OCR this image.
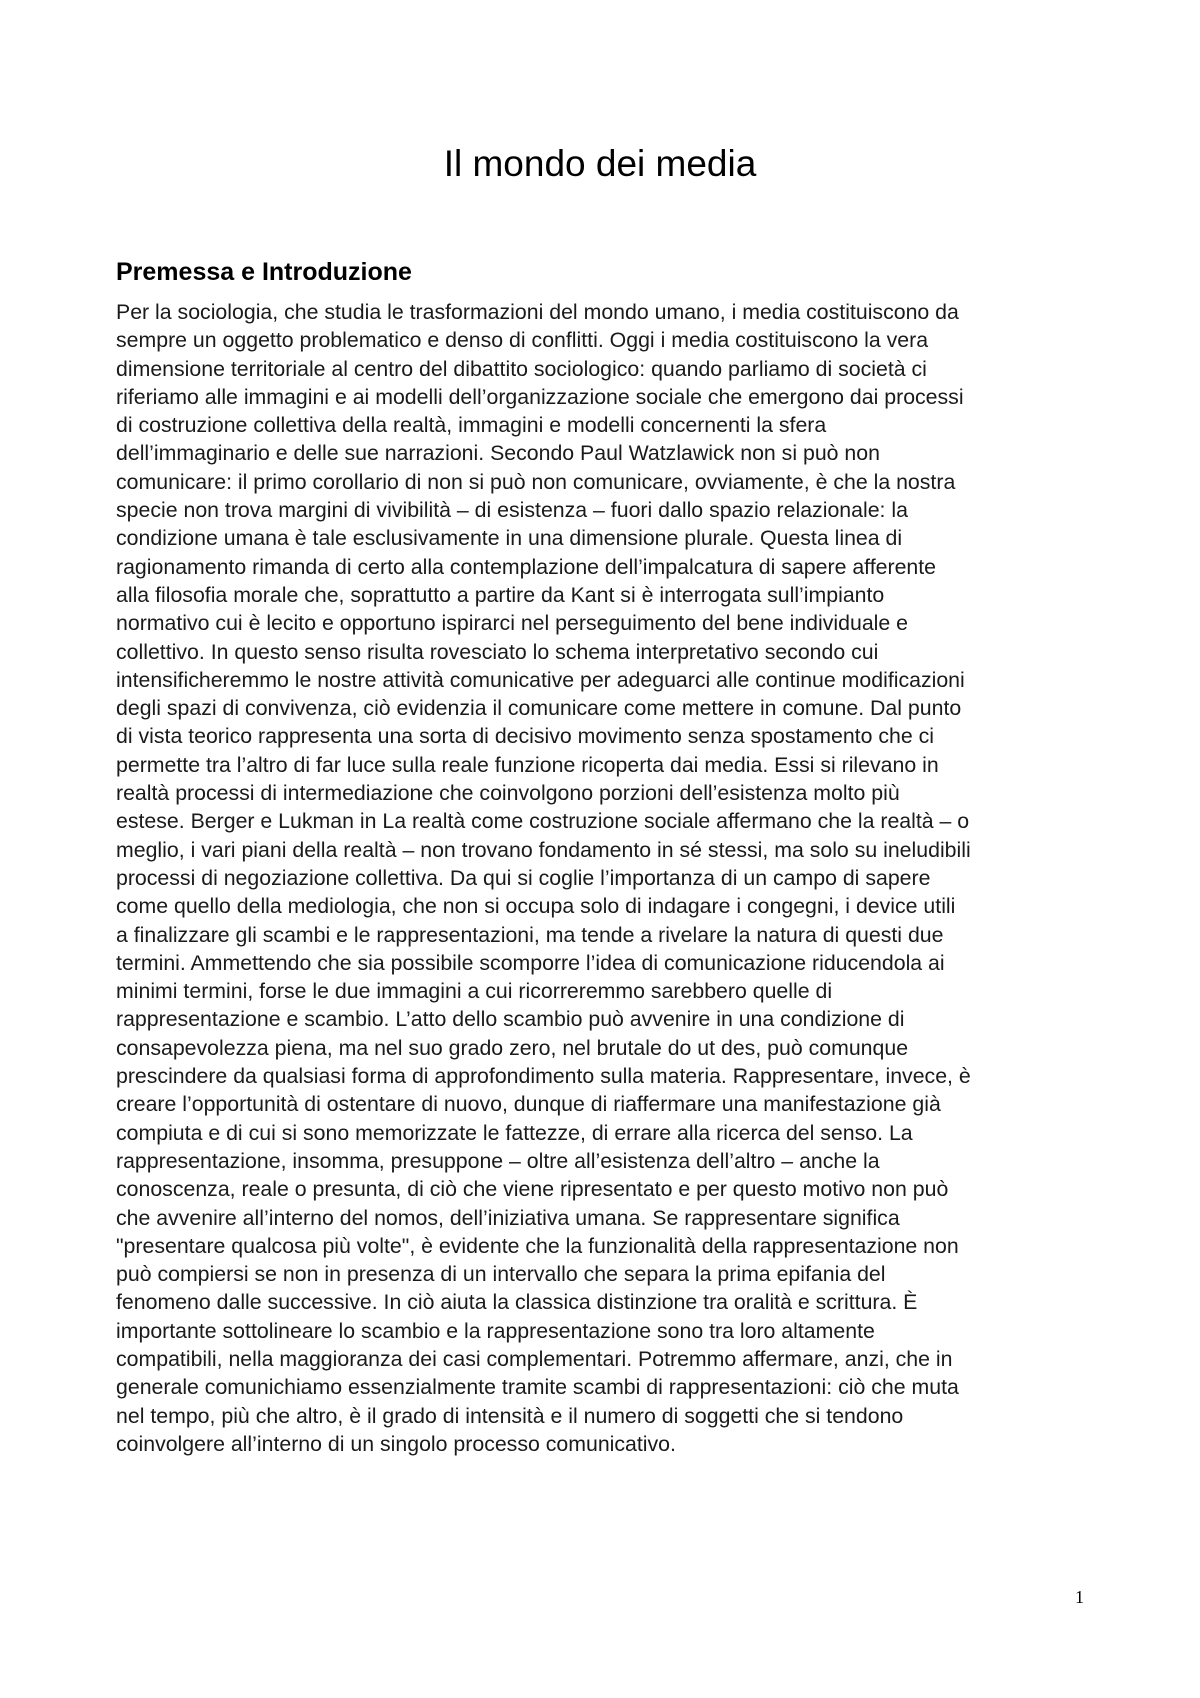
Il mondo dei media
Premessa e Introduzione

Per la sociologia, che studia le trasformazioni del mondo umano, i media costituiscono da
sempre un oggetto problematico e denso di conflitti. Oggi i media costituiscono la vera
dimensione territoriale al centro del dibattito sociologico: quando parliamo di società ci
riferiamo alle immagini e ai modelli dell’organizzazione sociale che emergono dai processi
di costruzione collettiva della realtà, immagini e modelli concernenti la sfera
dell’immaginario e delle sue narrazioni. Secondo Paul Watzlawick non si può non
comunicare: il primo corollario di non si può non comunicare, ovviamente, è che la nostra
specie non trova margini di vivibilità – di esistenza – fuori dallo spazio relazionale: la
condizione umana è tale esclusivamente in una dimensione plurale. Questa linea di
ragionamento rimanda di certo alla contemplazione dell’impalcatura di sapere afferente
alla filosofia morale che, soprattutto a partire da Kant si è interrogata sull’impianto
normativo cui è lecito e opportuno ispirarci nel perseguimento del bene individuale e
collettivo. In questo senso risulta rovesciato lo schema interpretativo secondo cui
intensificheremmo le nostre attività comunicative per adeguarci alle continue modificazioni
degli spazi di convivenza, ciò evidenzia il comunicare come mettere in comune. Dal punto
di vista teorico rappresenta una sorta di decisivo movimento senza spostamento che ci
permette tra l’altro di far luce sulla reale funzione ricoperta dai media. Essi si rilevano in
realtà processi di intermediazione che coinvolgono porzioni dell’esistenza molto più
estese. Berger e Lukman in La realtà come costruzione sociale affermano che la realtà – o
meglio, i vari piani della realtà – non trovano fondamento in sé stessi, ma solo su ineludibili
processi di negoziazione collettiva. Da qui si coglie l’importanza di un campo di sapere
come quello della mediologia, che non si occupa solo di indagare i congegni, i device utili
a finalizzare gli scambi e le rappresentazioni, ma tende a rivelare la natura di questi due
termini. Ammettendo che sia possibile scomporre l’idea di comunicazione riducendola ai
minimi termini, forse le due immagini a cui ricorreremmo sarebbero quelle di
rappresentazione e scambio. L’atto dello scambio può avvenire in una condizione di
consapevolezza piena, ma nel suo grado zero, nel brutale do ut des, può comunque
prescindere da qualsiasi forma di approfondimento sulla materia. Rappresentare, invece, è
creare l’opportunità di ostentare di nuovo, dunque di riaffermare una manifestazione già
compiuta e di cui si sono memorizzate le fattezze, di errare alla ricerca del senso. La
rappresentazione, insomma, presuppone – oltre all’esistenza dell’altro – anche la
conoscenza, reale o presunta, di ciò che viene ripresentato e per questo motivo non può
che avvenire all’interno del nomos, dell’iniziativa umana. Se rappresentare significa
"presentare qualcosa più volte", è evidente che la funzionalità della rappresentazione non
può compiersi se non in presenza di un intervallo che separa la prima epifania del
fenomeno dalle successive. In ciò aiuta la classica distinzione tra oralità e scrittura. È
importante sottolineare lo scambio e la rappresentazione sono tra loro altamente
compatibili, nella maggioranza dei casi complementari. Potremmo affermare, anzi, che in
generale comunichiamo essenzialmente tramite scambi di rappresentazioni: ciò che muta
nel tempo, più che altro, è il grado di intensità e il numero di soggetti che si tendono
coinvolgere all’interno di un singolo processo comunicativo.

1
